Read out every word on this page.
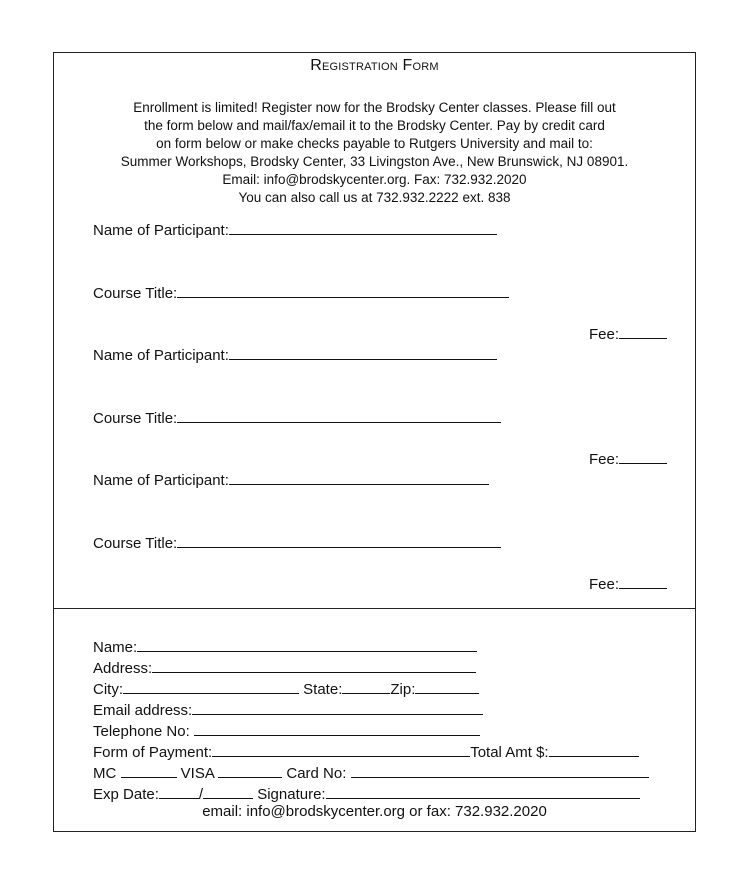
Registration Form
Enrollment is limited! Register now for the Brodsky Center classes. Please fill out
the form below and mail/fax/email it to the Brodsky Center. Pay by credit card
on form below or make checks payable to Rutgers University and mail to:
Summer Workshops, Brodsky Center, 33 Livingston Ave., New Brunswick, NJ 08901.
Email: info@brodskycenter.org. Fax: 732.932.2020
You can also call us at 732.932.2222 ext. 838
Name of Participant:
Course Title:
Fee:
Name of Participant:
Course Title:
Fee:
Name of Participant:
Course Title:
Fee:
Name:
Address:
City:	State:	Zip:
Email address:
Telephone No:
Form of Payment:	Total Amt $:
MC	VISA	Card No:
Exp Date:	/	Signature:
email: info@brodskycenter.org or fax: 732.932.2020
